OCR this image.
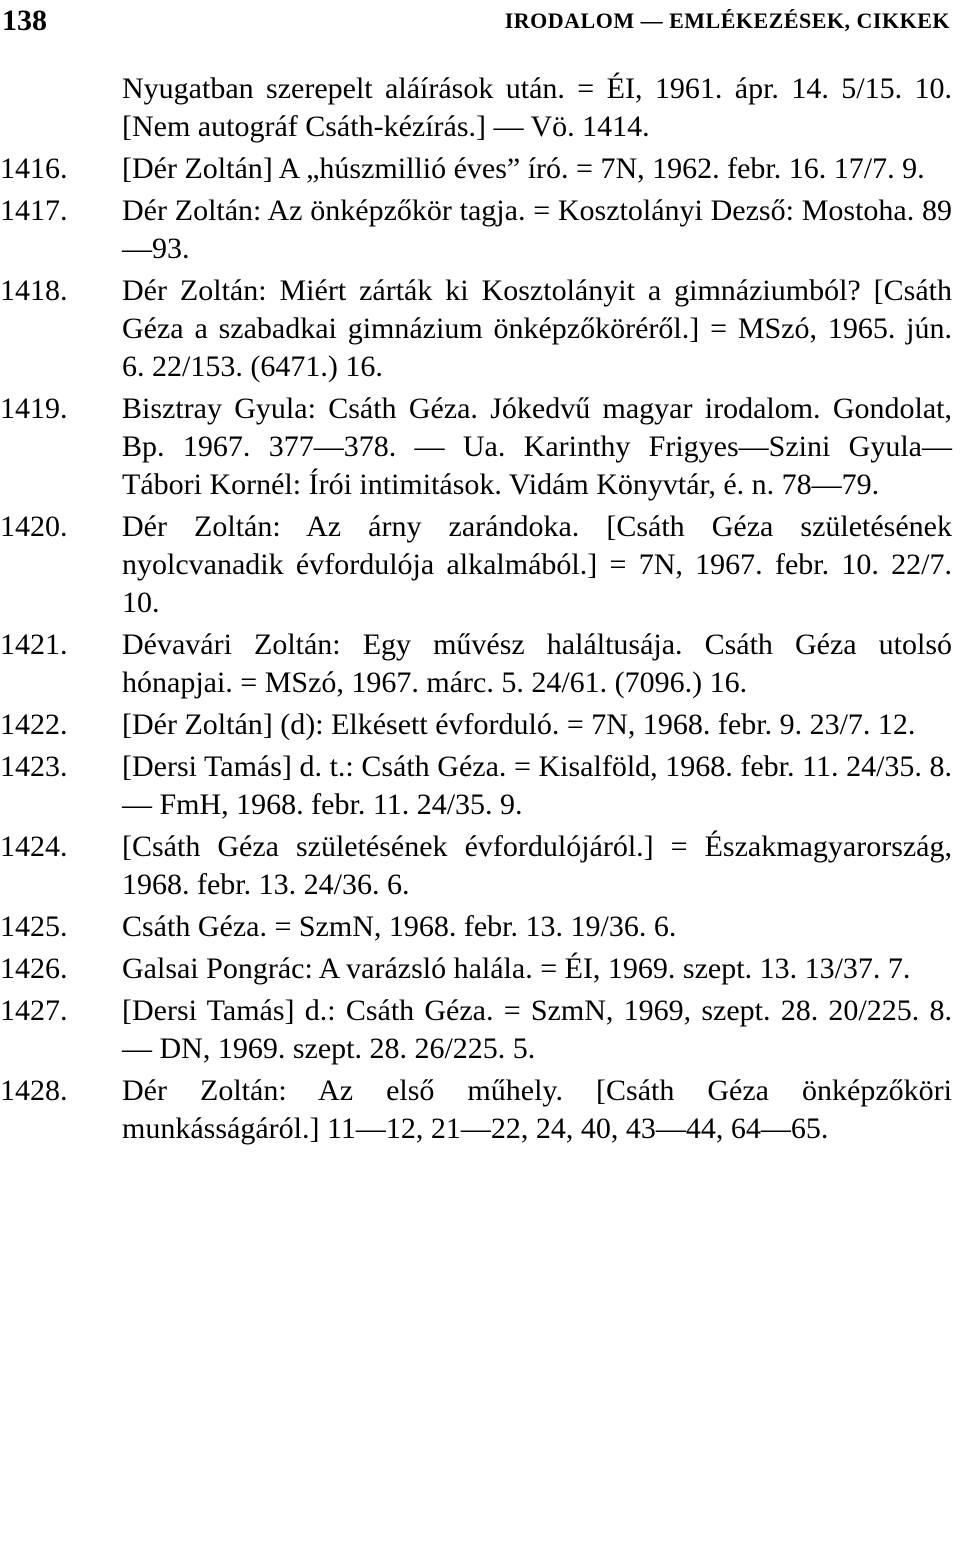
138	IRODALOM — EMLÉKEZÉSEK, CIKKEK
Nyugatban szerepelt aláírások után. = ÉI, 1961. ápr. 14. 5/15. 10. [Nem autográf Csáth-kézírás.] — Vö. 1414.
1416.	[Dér Zoltán] A „húszmillió éves” író. = 7N, 1962. febr. 16. 17/7. 9.
1417.	Dér Zoltán: Az önképzőkör tagja. = Kosztolányi Dezső: Mostoha. 89—93.
1418.	Dér Zoltán: Miért zárták ki Kosztolányit a gimnáziumból? [Csáth Géza a szabadkai gimnázium önképzőköréről.] = MSzó, 1965. jún. 6. 22/153. (6471.) 16.
1419.	Bisztray Gyula: Csáth Géza. Jókedvű magyar irodalom. Gondolat, Bp. 1967. 377—378. — Ua. Karinthy Frigyes—Szini Gyula—Tábori Kornél: Írói intimitások. Vidám Könyvtár, é. n. 78—79.
1420.	Dér Zoltán: Az árny zarándoka. [Csáth Géza születésének nyolcvanadik évfordulója alkalmából.] = 7N, 1967. febr. 10. 22/7. 10.
1421.	Dévavári Zoltán: Egy művész haláltusája. Csáth Géza utolsó hónapjai. = MSzó, 1967. márc. 5. 24/61. (7096.) 16.
1422.	[Dér Zoltán] (d): Elkésett évforduló. = 7N, 1968. febr. 9. 23/7. 12.
1423.	[Dersi Tamás] d. t.: Csáth Géza. = Kisalföld, 1968. febr. 11. 24/35. 8. — FmH, 1968. febr. 11. 24/35. 9.
1424.	[Csáth Géza születésének évfordulójáról.] = Északmagyarország, 1968. febr. 13. 24/36. 6.
1425.	Csáth Géza. = SzmN, 1968. febr. 13. 19/36. 6.
1426.	Galsai Pongrác: A varázsló halála. = ÉI, 1969. szept. 13. 13/37. 7.
1427.	[Dersi Tamás] d.: Csáth Géza. = SzmN, 1969, szept. 28. 20/225. 8. — DN, 1969. szept. 28. 26/225. 5.
1428.	Dér Zoltán: Az első műhely. [Csáth Géza önképzőköri munkásságáról.] 11—12, 21—22, 24, 40, 43—44, 64—65.
